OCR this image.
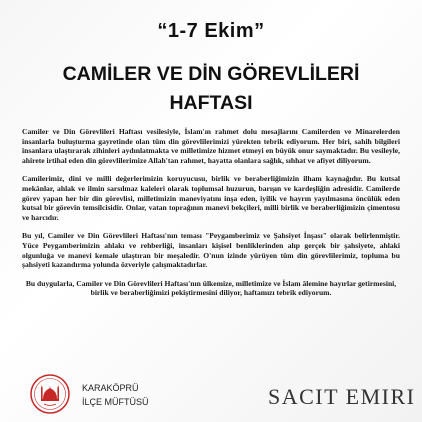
“1-7 Ekim”
CAMİLER VE DİN GÖREVLİLERİ
HAFTASI

Camiler ve Din Görevlileri Haftası vesilesiyle, İslam'ın rahmet dolu mesajlarını Camilerden ve Minarelerden insanlarla buluşturma gayretinde olan tüm din görevlilerimizi yürekten tebrik ediyorum. Her biri, sahih bilgileri insanlara ulaştırarak zihinleri aydınlatmakta ve milletimize hizmet etmeyi en büyük onur saymaktadır. Bu vesileyle, ahirete irtihal eden din görevlilerimize Allah'tan rahmet, hayatta olanlara sağlık, sıhhat ve afiyet diliyorum.

Camilerimiz, dini ve milli değerlerimizin koruyucusu, birlik ve beraberliğimizin ilham kaynağıdır. Bu kutsal mekânlar, ahlak ve ilmin sarsılmaz kaleleri olarak toplumsal huzurun, barışın ve kardeşliğin adresidir. Camilerde görev yapan her bir din görevlisi, milletimizin maneviyatını inşa eden, iyilik ve hayrın yayılmasına öncülük eden kutsal bir görevin temsilcisidir. Onlar, vatan toprağının manevi bekçileri, milli birlik ve beraberliğimizin çimentosu ve harcıdır.

Bu yıl, Camiler ve Din Görevlileri Haftası'nın teması "Peygamberimiz ve Şahsiyet İnşası" olarak belirlenmiştir. Yüce Peygamberimizin ahlakı ve rehberliği, insanları kişisel benliklerinden alıp gerçek bir şahsiyete, ahlaki olgunluğa ve manevi kemale ulaştıran bir meşaledir. O'nun izinde yürüyen tüm din görevlilerimiz, topluma bu şahsiyeti kazandırma yolunda özveriyle çalışmaktadırlar.

Bu duygularla, Camiler ve Din Görevlileri Haftası'nın ülkemize, milletimize ve İslam âlemine hayırlar getirmesini, birlik ve beraberliğimizi pekiştirmesini diliyor, haftamızı tebrik ediyorum.

KARAKÖPRÜ
İLÇE MÜFTÜSÜ	SACIT EMIRI
